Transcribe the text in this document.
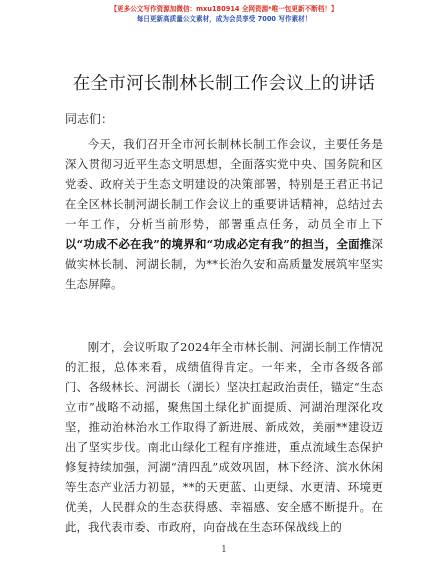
【更多公文写作资源加微信：mxu180914 全网资源*唯一包更新不断档！】
每日更新高质量公文素材，成为会员享受 7000 写作素材！
在全市河长制林长制工作会议上的讲话
同志们：

今天，我们召开全市河长制林长制工作会议，主要任务是深入贯彻习近平生态文明思想，全面落实党中央、国务院和区党委、政府关于生态文明建设的决策部署，特别是王君正书记在全区林长制河湖长制工作会议上的重要讲话精神，总结过去一年工作，分析当前形势，部署重点任务，动员全市上下以“功成不必在我”的境界和“功成必定有我”的担当，全面推深做实林长制、河湖长制，为**长治久安和高质量发展筑牢坚实生态屏障。

刚才，会议听取了2024年全市林长制、河湖长制工作情况的汇报，总体来看，成绩值得肯定。一年来，全市各级各部门、各级林长、河湖长（湖长）坚决扛起政治责任，锚定“生态立市”战略不动摇，聚焦国土绿化扩面提质、河湖治理深化攻坚，推动治林治水工作取得了新进展、新成效，美丽**建设迈出了坚实步伐。南北山绿化工程有序推进，重点流域生态保护修复持续加强，河湖“清四乱”成效巩固，林下经济、滨水休闲等生态产业活力初显，**的天更蓝、山更绿、水更清、环境更优美，人民群众的生态获得感、幸福感、安全感不断提升。在此，我代表市委、市政府，向奋战在生态环保战线上的

1
